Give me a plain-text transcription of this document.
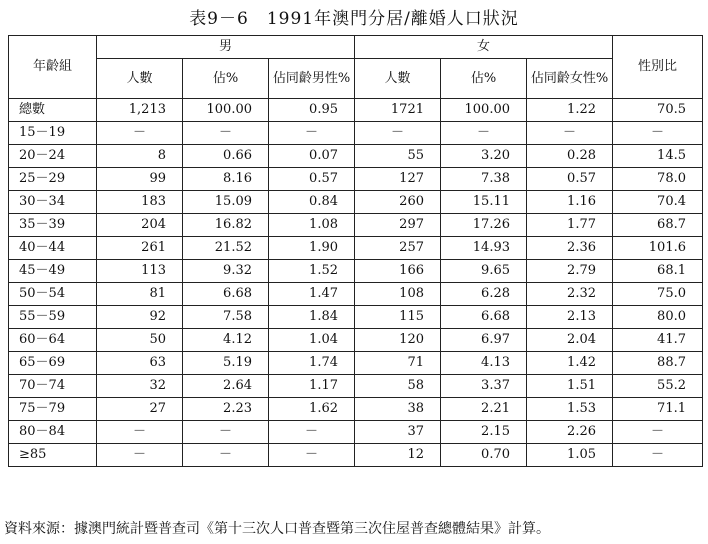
表9－6　1991年澳門分居/離婚人口狀況
年齡組	男			女			性別比
	人數	佔%	佔同齡男性%	人數	佔%	佔同齡女性%	
總數	1,213	100.00	0.95	1721	100.00	1.22	70.5
15－19	－	－	－	－	－	－	－
20－24	8	0.66	0.07	55	3.20	0.28	14.5
25－29	99	8.16	0.57	127	7.38	0.57	78.0
30－34	183	15.09	0.84	260	15.11	1.16	70.4
35－39	204	16.82	1.08	297	17.26	1.77	68.7
40－44	261	21.52	1.90	257	14.93	2.36	101.6
45－49	113	9.32	1.52	166	9.65	2.79	68.1
50－54	81	6.68	1.47	108	6.28	2.32	75.0
55－59	92	7.58	1.84	115	6.68	2.13	80.0
60－64	50	4.12	1.04	120	6.97	2.04	41.7
65－69	63	5.19	1.74	71	4.13	1.42	88.7
70－74	32	2.64	1.17	58	3.37	1.51	55.2
75－79	27	2.23	1.62	38	2.21	1.53	71.1
80－84	－	－	－	37	2.15	2.26	－
≥85	－	－	－	12	0.70	1.05	－
資料來源：據澳門統計暨普查司《第十三次人口普查暨第三次住屋普查總體結果》計算。
